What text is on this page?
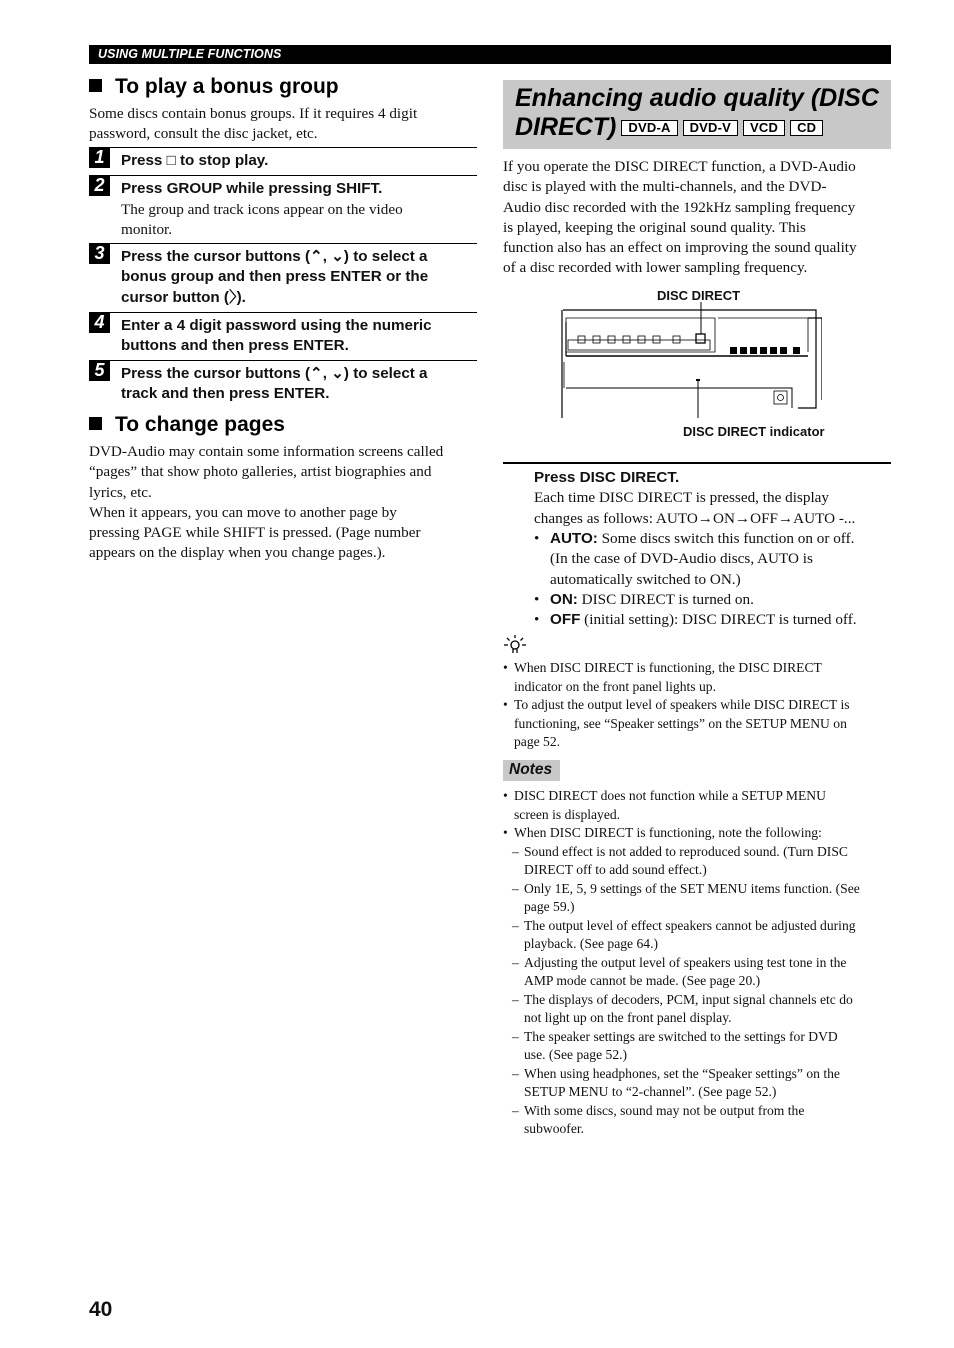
USING MULTIPLE FUNCTIONS
To play a bonus group
Some discs contain bonus groups. If it requires 4 digit
password, consult the disc jacket, etc.
1	Press □ to stop play.
2	Press GROUP while pressing SHIFT.
The group and track icons appear on the video
monitor.
3	Press the cursor buttons (⌃, ⌄) to select a
bonus group and then press ENTER or the
cursor button (〉).
4	Enter a 4 digit password using the numeric
buttons and then press ENTER.
5	Press the cursor buttons (⌃, ⌄) to select a
track and then press ENTER.
To change pages
DVD-Audio may contain some information screens called
“pages” that show photo galleries, artist biographies and
lyrics, etc.
When it appears, you can move to another page by
pressing PAGE while SHIFT is pressed. (Page number
appears on the display when you change pages.).
Enhancing audio quality (DISC
DIRECT) DVD-A DVD-V VCD CD
If you operate the DISC DIRECT function, a DVD-Audio
disc is played with the multi-channels, and the DVD-
Audio disc recorded with the 192kHz sampling frequency
is played, keeping the original sound quality. This
function also has an effect on improving the sound quality
of a disc recorded with lower sampling frequency.
DISC DIRECT
DISC DIRECT indicator
Press DISC DIRECT.
Each time DISC DIRECT is pressed, the display
changes as follows: AUTO→ON→OFF→AUTO -...
• AUTO: Some discs switch this function on or off.
(In the case of DVD-Audio discs, AUTO is
automatically switched to ON.)
• ON: DISC DIRECT is turned on.
• OFF (initial setting): DISC DIRECT is turned off.
• When DISC DIRECT is functioning, the DISC DIRECT
indicator on the front panel lights up.
• To adjust the output level of speakers while DISC DIRECT is
functioning, see “Speaker settings” on the SETUP MENU on
page 52.
Notes
• DISC DIRECT does not function while a SETUP MENU
screen is displayed.
• When DISC DIRECT is functioning, note the following:
– Sound effect is not added to reproduced sound. (Turn DISC
DIRECT off to add sound effect.)
– Only 1E, 5, 9 settings of the SET MENU items function. (See
page 59.)
– The output level of effect speakers cannot be adjusted during
playback. (See page 64.)
– Adjusting the output level of speakers using test tone in the
AMP mode cannot be made. (See page 20.)
– The displays of decoders, PCM, input signal channels etc do
not light up on the front panel display.
– The speaker settings are switched to the settings for DVD
use. (See page 52.)
– When using headphones, set the “Speaker settings” on the
SETUP MENU to “2-channel”. (See page 52.)
– With some discs, sound may not be output from the
subwoofer.
40
